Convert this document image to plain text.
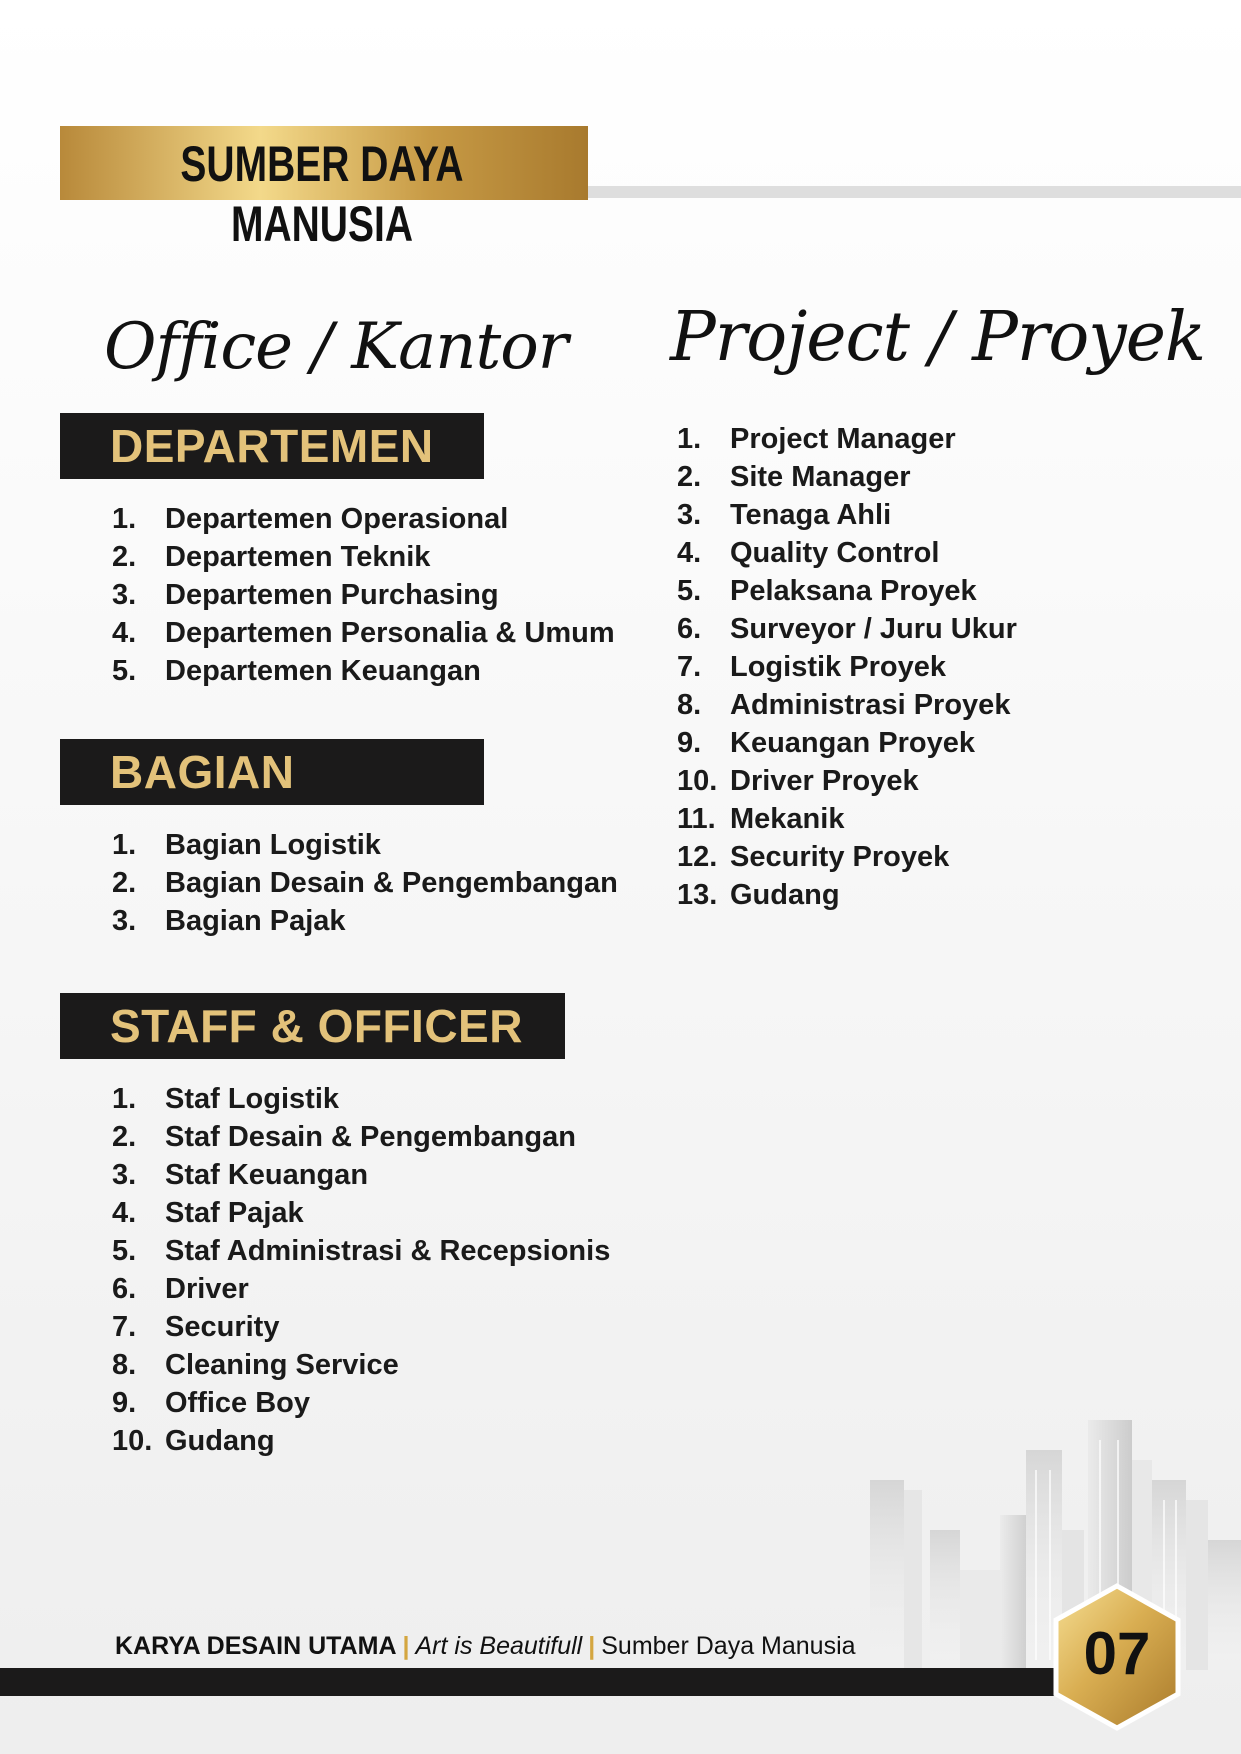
SUMBER DAYA MANUSIA
Office / Kantor Project / Proyek
DEPARTEMEN
1. Departemen Operasional
2. Departemen Teknik
3. Departemen Purchasing
4. Departemen Personalia & Umum
5. Departemen Keuangan
BAGIAN
1. Bagian Logistik
2. Bagian Desain & Pengembangan
3. Bagian Pajak
STAFF & OFFICER
1. Staf Logistik
2. Staf Desain & Pengembangan
3. Staf Keuangan
4. Staf Pajak
5. Staf Administrasi & Recepsionis
6. Driver
7. Security
8. Cleaning Service
9. Office Boy
10. Gudang
1. Project Manager
2. Site Manager
3. Tenaga Ahli
4. Quality Control
5. Pelaksana Proyek
6. Surveyor / Juru Ukur
7. Logistik Proyek
8. Administrasi Proyek
9. Keuangan Proyek
10. Driver Proyek
11. Mekanik
12. Security Proyek
13. Gudang
KARYA DESAIN UTAMA | Art is Beautifull | Sumber Daya Manusia	07
